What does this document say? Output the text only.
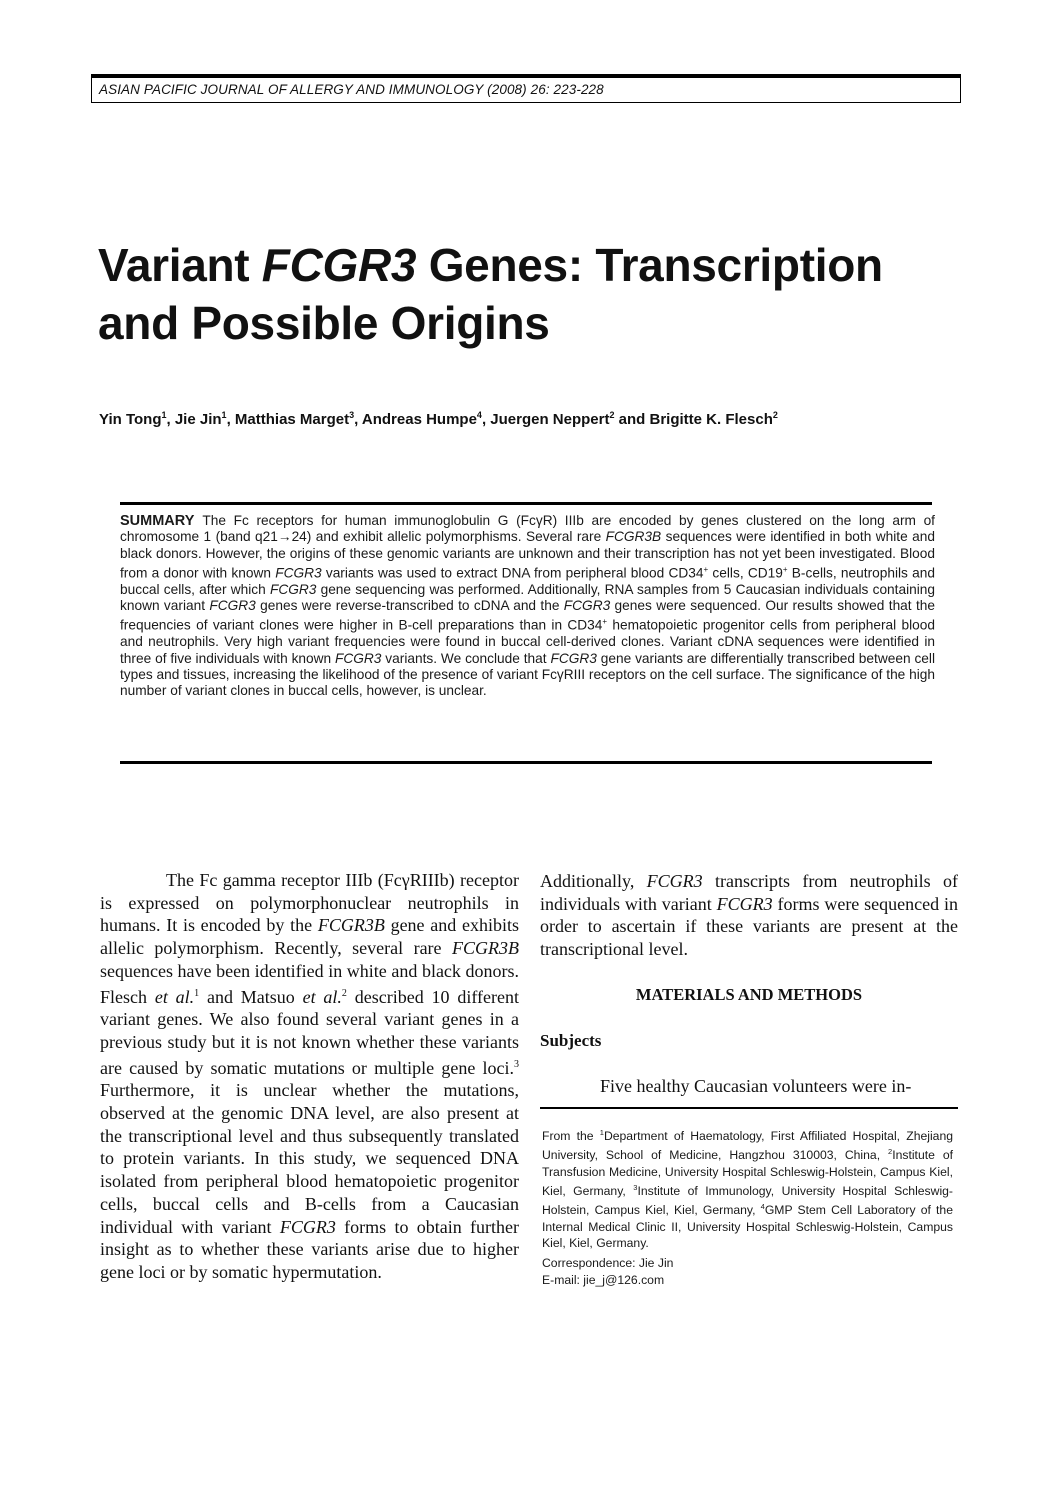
ASIAN PACIFIC JOURNAL OF ALLERGY AND IMMUNOLOGY (2008) 26: 223-228
Variant FCGR3 Genes: Transcription
and Possible Origins
Yin Tong$^1$, Jie Jin$^1$, Matthias Marget$^3$, Andreas Humpe$^4$, Juergen Neppert$^2$ and Brigitte K. Flesch$^2$
SUMMARY The Fc receptors for human immunoglobulin G (FcγR) IIIb are encoded by genes clustered on the long arm of chromosome 1 (band q21→24) and exhibit allelic polymorphisms. Several rare FCGR3B sequences were identified in both white and black donors. However, the origins of these genomic variants are unknown and their transcription has not yet been investigated. Blood from a donor with known FCGR3 variants was used to extract DNA from peripheral blood CD34+ cells, CD19+ B-cells, neutrophils and buccal cells, after which FCGR3 gene sequencing was performed. Additionally, RNA samples from 5 Caucasian individuals containing known variant FCGR3 genes were reverse-transcribed to cDNA and the FCGR3 genes were sequenced. Our results showed that the frequencies of variant clones were higher in B-cell preparations than in CD34+ hematopoietic progenitor cells from peripheral blood and neutrophils. Very high variant frequencies were found in buccal cell-derived clones. Variant cDNA sequences were identified in three of five individuals with known FCGR3 variants. We conclude that FCGR3 gene variants are differentially transcribed between cell types and tissues, increasing the likelihood of the presence of variant FcγRIII receptors on the cell surface. The significance of the high number of variant clones in buccal cells, however, is unclear.
The Fc gamma receptor IIIb (FcγRIIIb) receptor is expressed on polymorphonuclear neutrophils in humans. It is encoded by the FCGR3B gene and exhibits allelic polymorphism. Recently, several rare FCGR3B sequences have been identified in white and black donors. Flesch et al.$^1$ and Matsuo et al.$^2$ described 10 different variant genes. We also found several variant genes in a previous study but it is not known whether these variants are caused by somatic mutations or multiple gene loci.$^3$ Furthermore, it is unclear whether the mutations, observed at the genomic DNA level, are also present at the transcriptional level and thus subsequently translated to protein variants. In this study, we sequenced DNA isolated from peripheral blood hematopoietic progenitor cells, buccal cells and B-cells from a Caucasian individual with variant FCGR3 forms to obtain further insight as to whether these variants arise due to higher gene loci or by somatic hypermutation.
Additionally, FCGR3 transcripts from neutrophils of individuals with variant FCGR3 forms were sequenced in order to ascertain if these variants are present at the transcriptional level.
MATERIALS AND METHODS
Subjects
Five healthy Caucasian volunteers were in-
From the $^1$Department of Haematology, First Affiliated Hospital, Zhejiang University, School of Medicine, Hangzhou 310003, China, $^2$Institute of Transfusion Medicine, University Hospital Schleswig-Holstein, Campus Kiel, Kiel, Germany, $^3$Institute of Immunology, University Hospital Schleswig-Holstein, Campus Kiel, Kiel, Germany, $^4$GMP Stem Cell Laboratory of the Internal Medical Clinic II, University Hospital Schleswig-Holstein, Campus Kiel, Kiel, Germany.
Correspondence: Jie Jin
E-mail: jie_j@126.com
